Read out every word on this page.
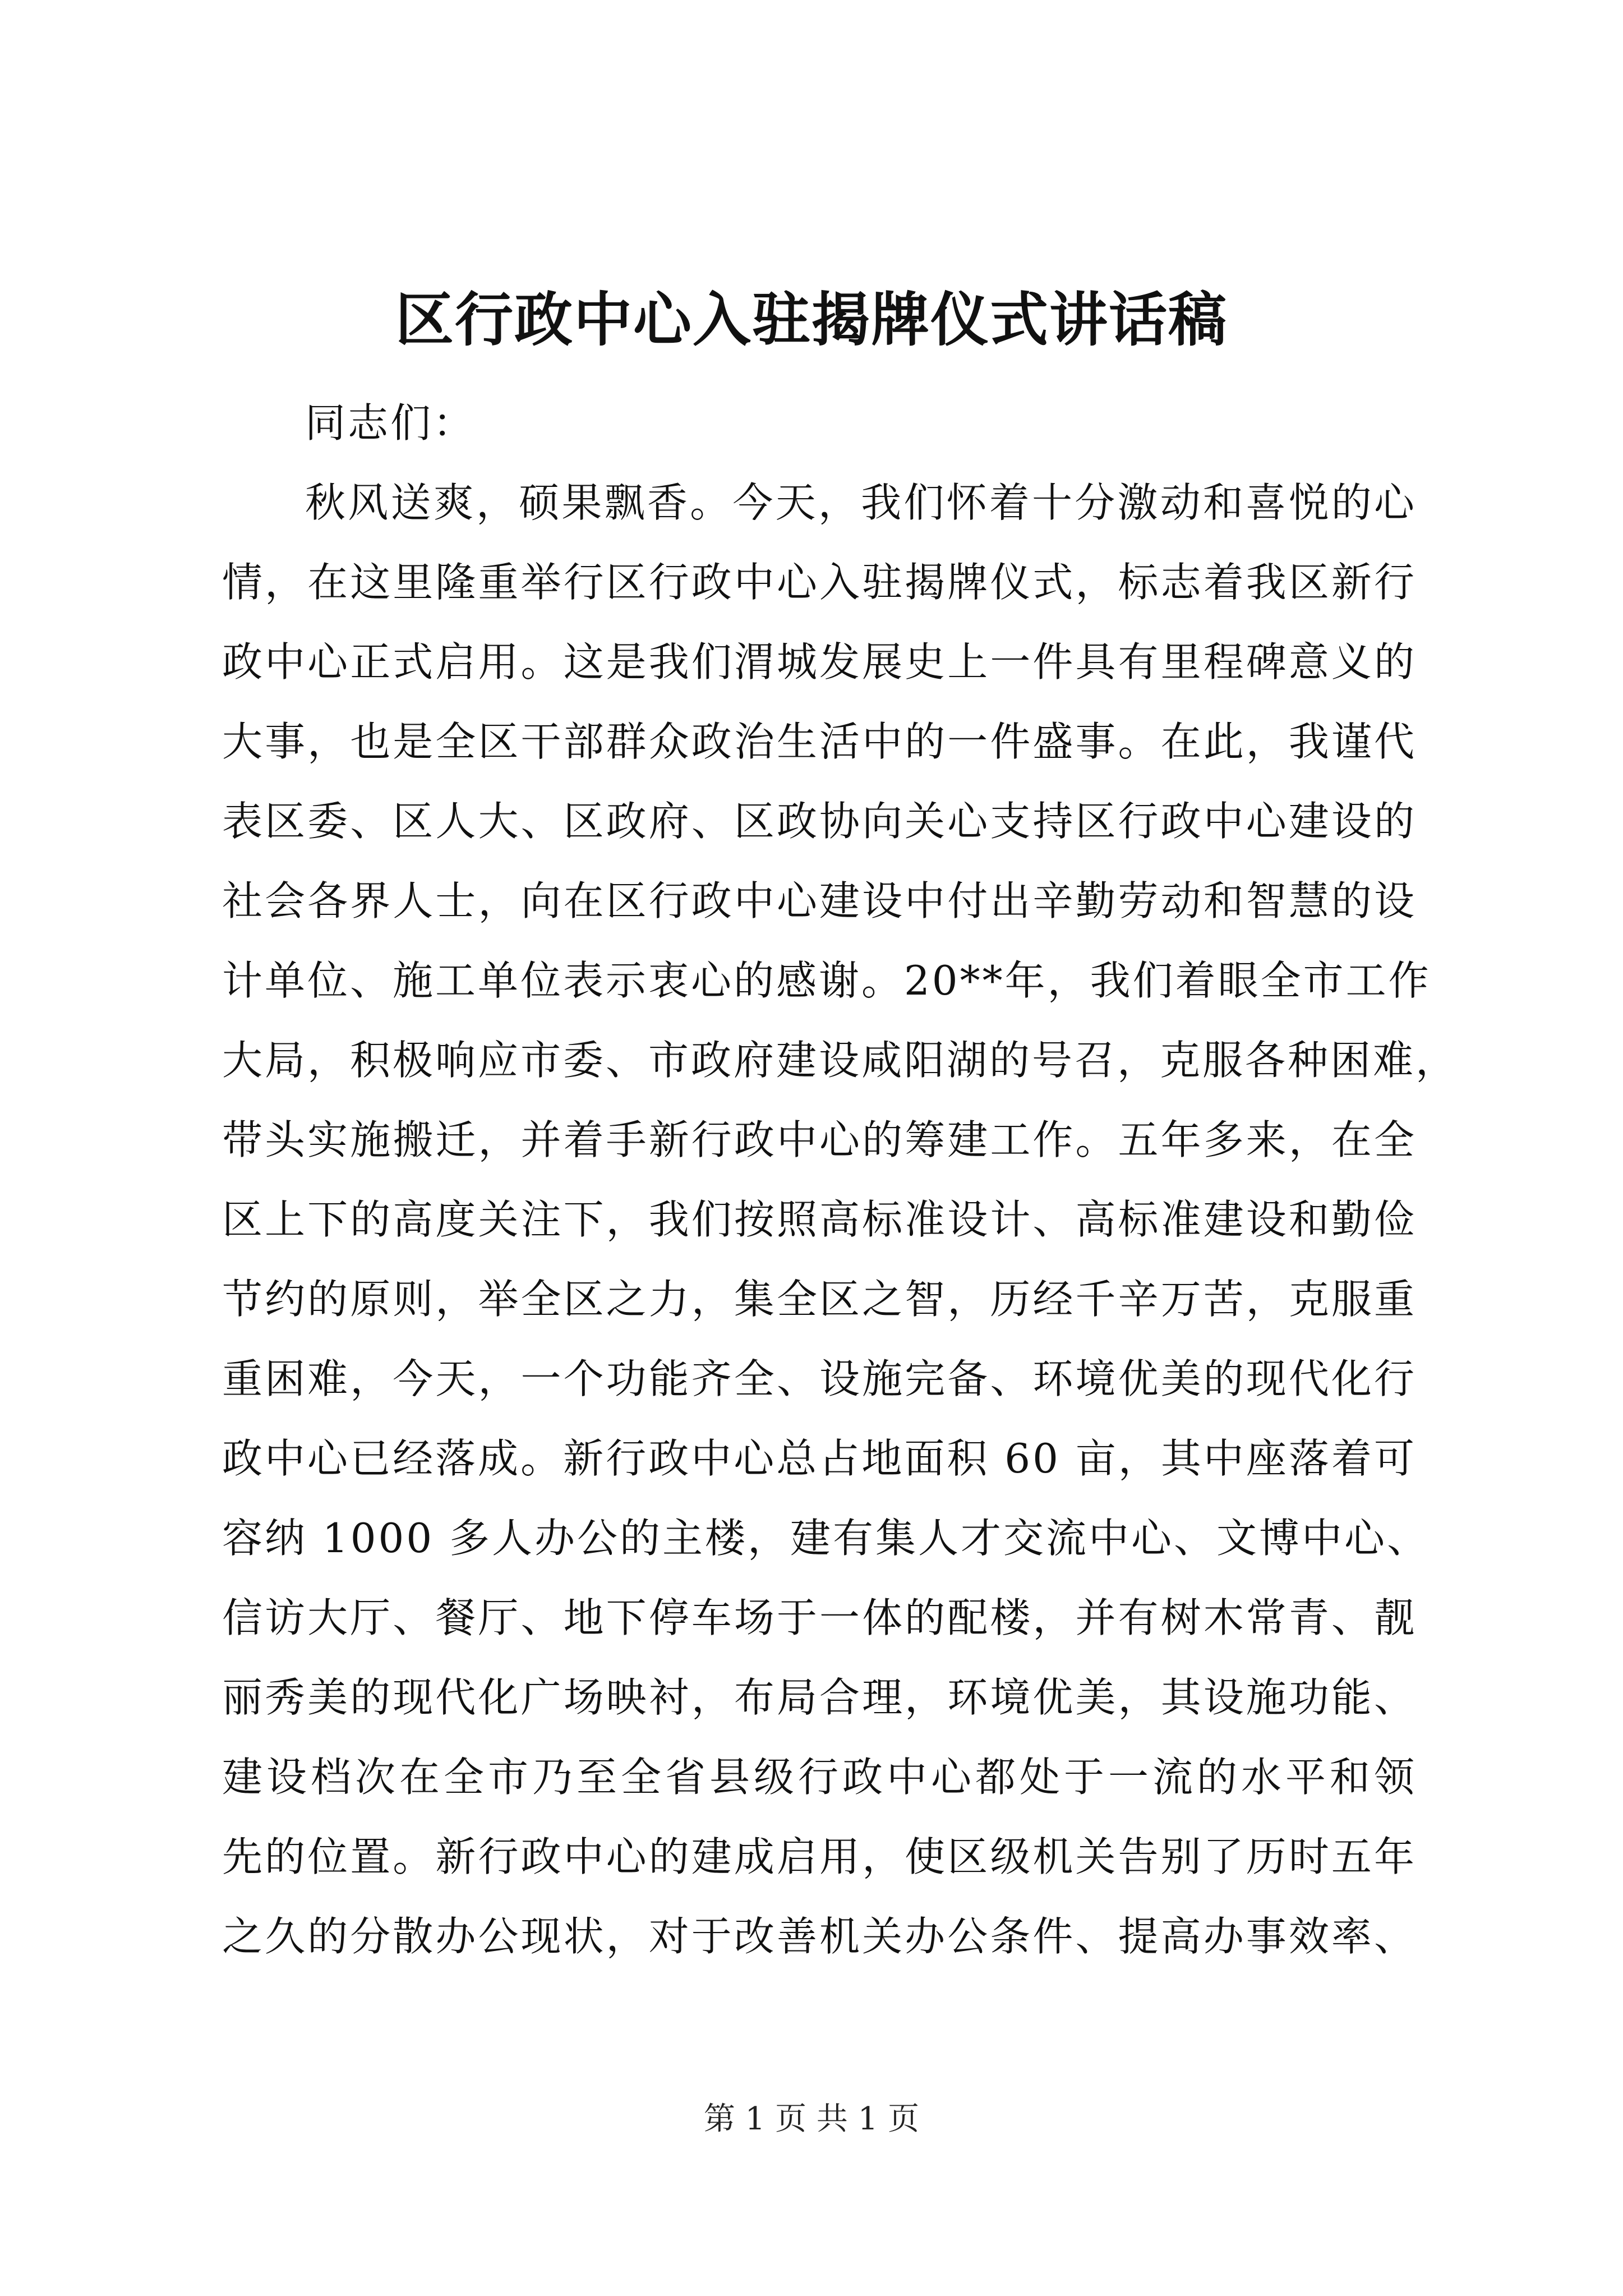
区行政中心入驻揭牌仪式讲话稿
同志们：
秋风送爽，硕果飘香。今天，我们怀着十分激动和喜悦的心
情，在这里隆重举行区行政中心入驻揭牌仪式，标志着我区新行
政中心正式启用。这是我们渭城发展史上一件具有里程碑意义的
大事，也是全区干部群众政治生活中的一件盛事。在此，我谨代
表区委、区人大、区政府、区政协向关心支持区行政中心建设的
社会各界人士，向在区行政中心建设中付出辛勤劳动和智慧的设
计单位、施工单位表示衷心的感谢。20**年，我们着眼全市工作
大局，积极响应市委、市政府建设咸阳湖的号召，克服各种困难，
带头实施搬迁，并着手新行政中心的筹建工作。五年多来，在全
区上下的高度关注下，我们按照高标准设计、高标准建设和勤俭
节约的原则，举全区之力，集全区之智，历经千辛万苦，克服重
重困难，今天，一个功能齐全、设施完备、环境优美的现代化行
政中心已经落成。新行政中心总占地面积 60 亩，其中座落着可
容纳 1000 多人办公的主楼，建有集人才交流中心、文博中心、
信访大厅、餐厅、地下停车场于一体的配楼，并有树木常青、靓
丽秀美的现代化广场映衬，布局合理，环境优美，其设施功能、
建设档次在全市乃至全省县级行政中心都处于一流的水平和领
先的位置。新行政中心的建成启用，使区级机关告别了历时五年
之久的分散办公现状，对于改善机关办公条件、提高办事效率、
第 1 页 共 1 页
